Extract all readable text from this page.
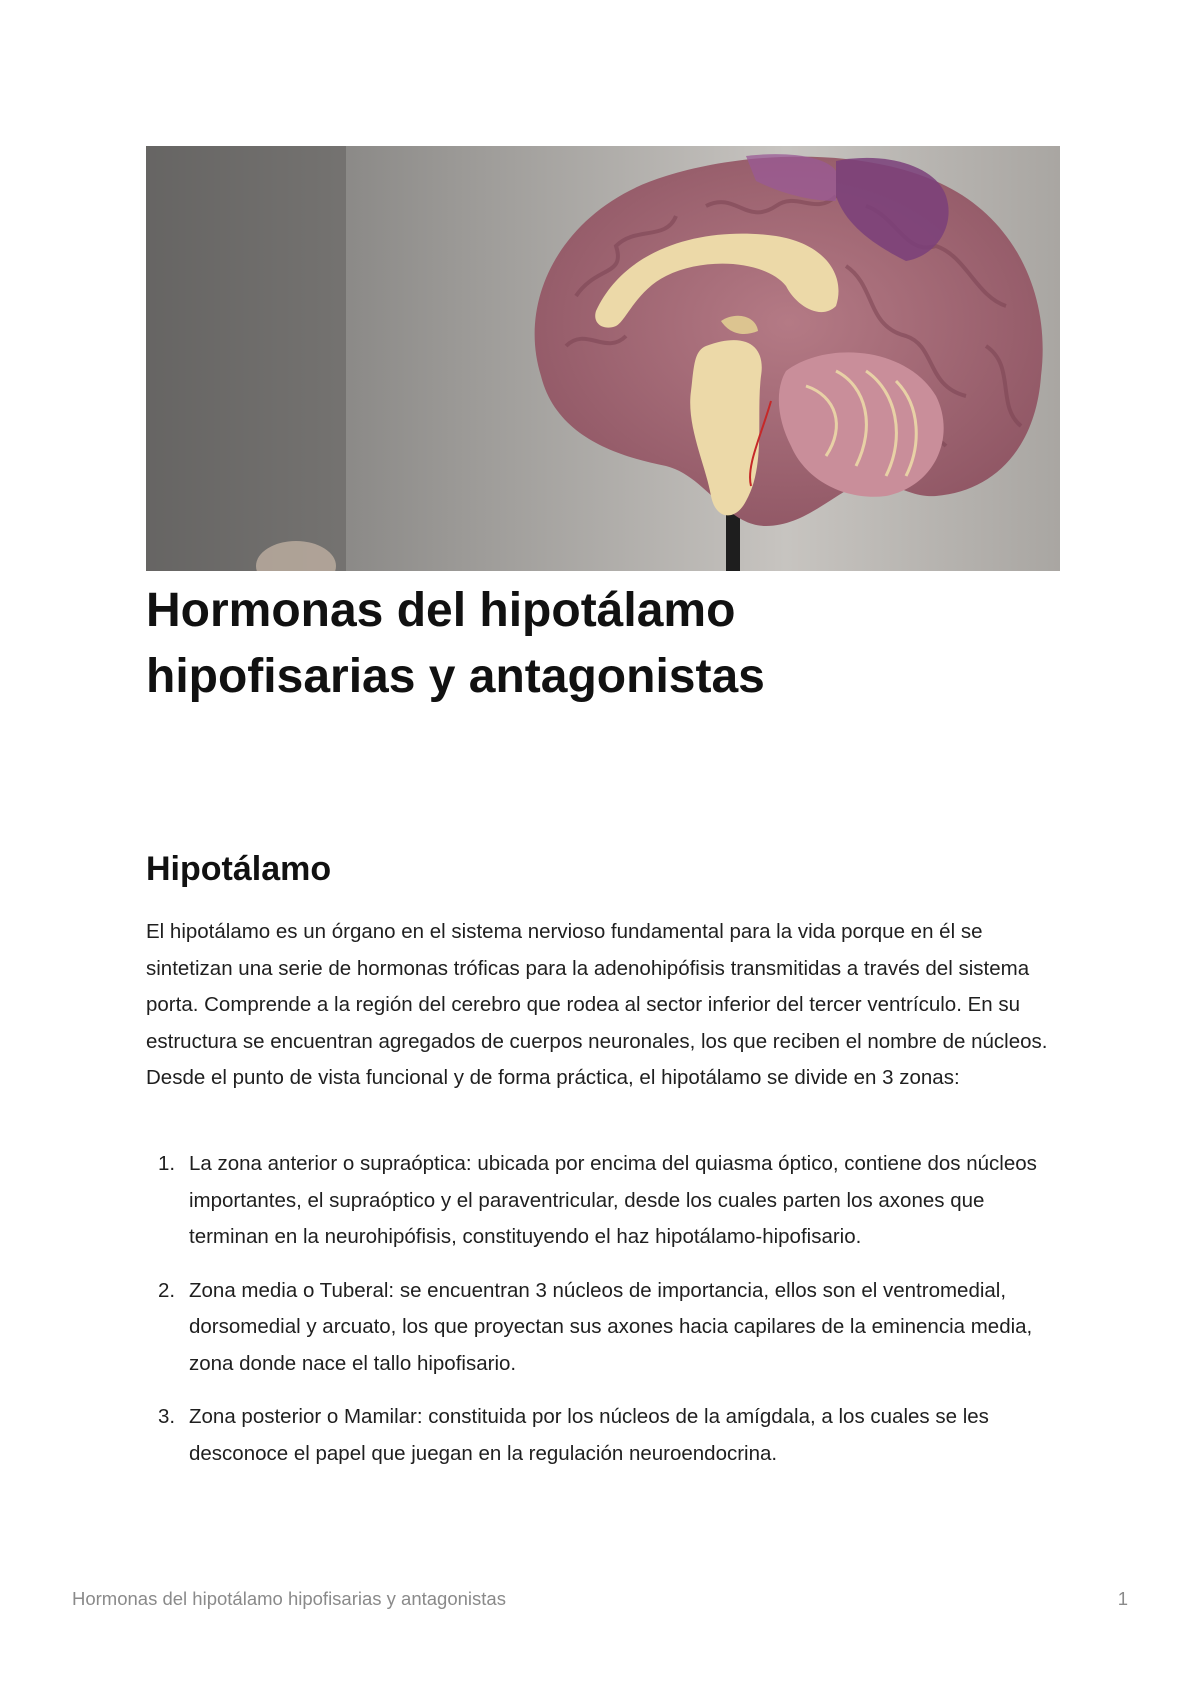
Hormonas del hipotálamo
hipofisarias y antagonistas
Hipotálamo

El hipotálamo es un órgano en el sistema nervioso fundamental para la vida porque en él se sintetizan una serie de hormonas tróficas para la adenohipófisis transmitidas a través del sistema porta. Comprende a la región del cerebro que rodea al sector inferior del tercer ventrículo. En su estructura se encuentran agregados de cuerpos neuronales, los que reciben el nombre de núcleos. Desde el punto de vista funcional y de forma práctica, el hipotálamo se divide en 3 zonas:

1. La zona anterior o supraóptica: ubicada por encima del quiasma óptico, contiene dos núcleos importantes, el supraóptico y el paraventricular, desde los cuales parten los axones que terminan en la neurohipófisis, constituyendo el haz hipotálamo-hipofisario.
2. Zona media o Tuberal: se encuentran 3 núcleos de importancia, ellos son el ventromedial, dorsomedial y arcuato, los que proyectan sus axones hacia capilares de la eminencia media, zona donde nace el tallo hipofisario.
3. Zona posterior o Mamilar: constituida por los núcleos de la amígdala, a los cuales se les desconoce el papel que juegan en la regulación neuroendocrina.
Hormonas del hipotálamo hipofisarias y antagonistas	1
